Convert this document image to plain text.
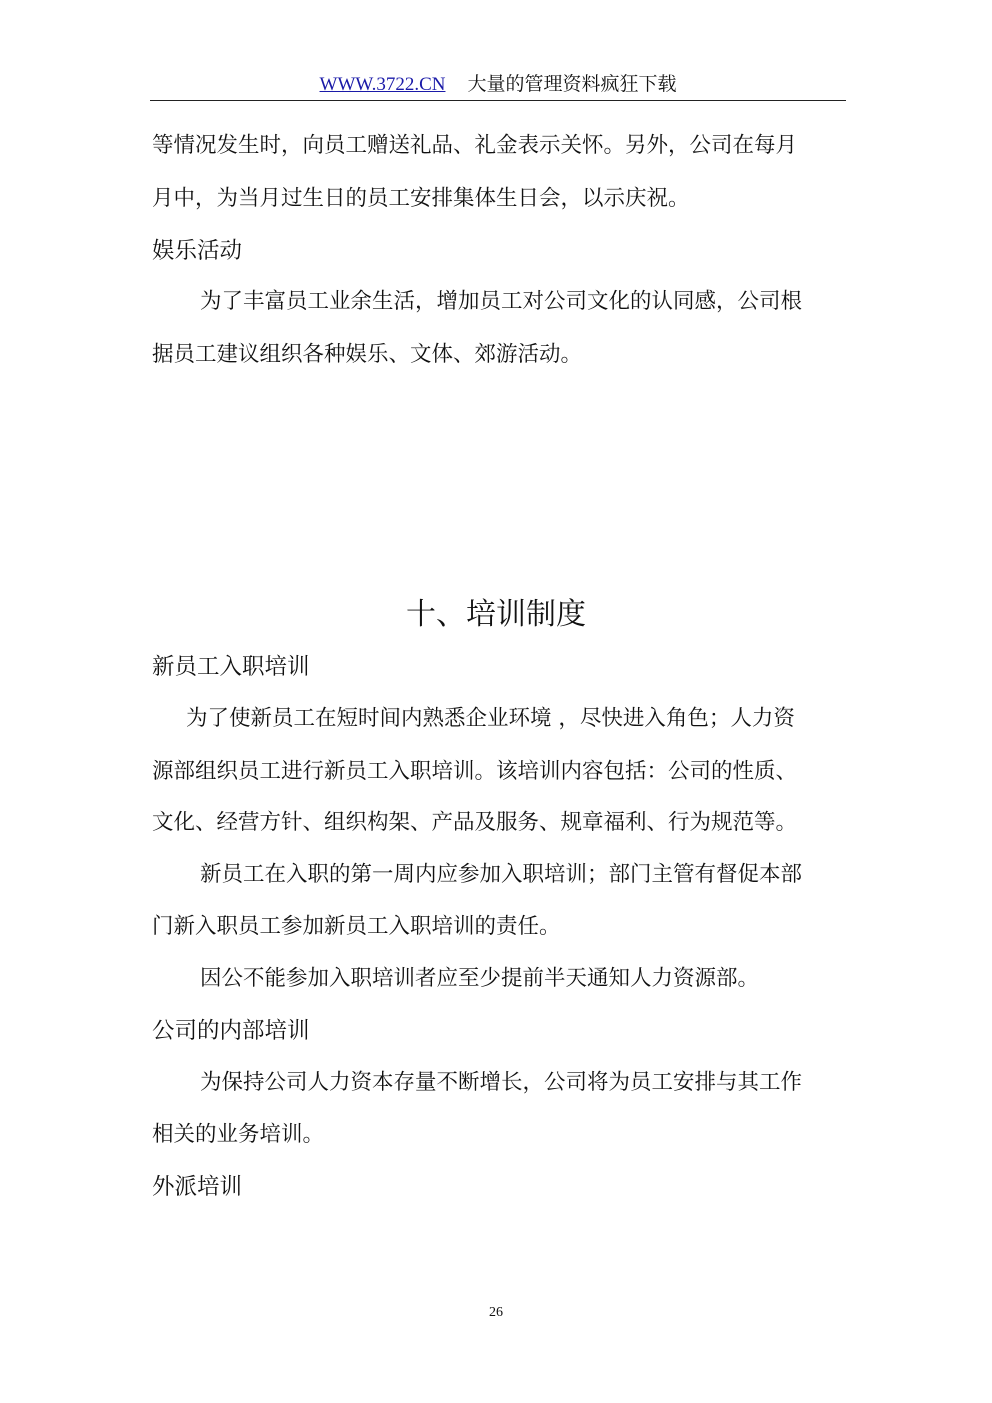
WWW.3722.CN 大量的管理资料疯狂下载
等情况发生时，向员工赠送礼品、礼金表示关怀。另外，公司在每月
月中，为当月过生日的员工安排集体生日会，以示庆祝。
娱乐活动
为了丰富员工业余生活，增加员工对公司文化的认同感，公司根
据员工建议组织各种娱乐、文体、郊游活动。
十、培训制度
新员工入职培训
为了使新员工在短时间内熟悉企业环境 ，尽快进入角色；人力资
源部组织员工进行新员工入职培训。该培训内容包括：公司的性质、
文化、经营方针、组织构架、产品及服务、规章福利、行为规范等。
新员工在入职的第一周内应参加入职培训；部门主管有督促本部
门新入职员工参加新员工入职培训的责任。
因公不能参加入职培训者应至少提前半天通知人力资源部。
公司的内部培训
为保持公司人力资本存量不断增长，公司将为员工安排与其工作
相关的业务培训。
外派培训
26
